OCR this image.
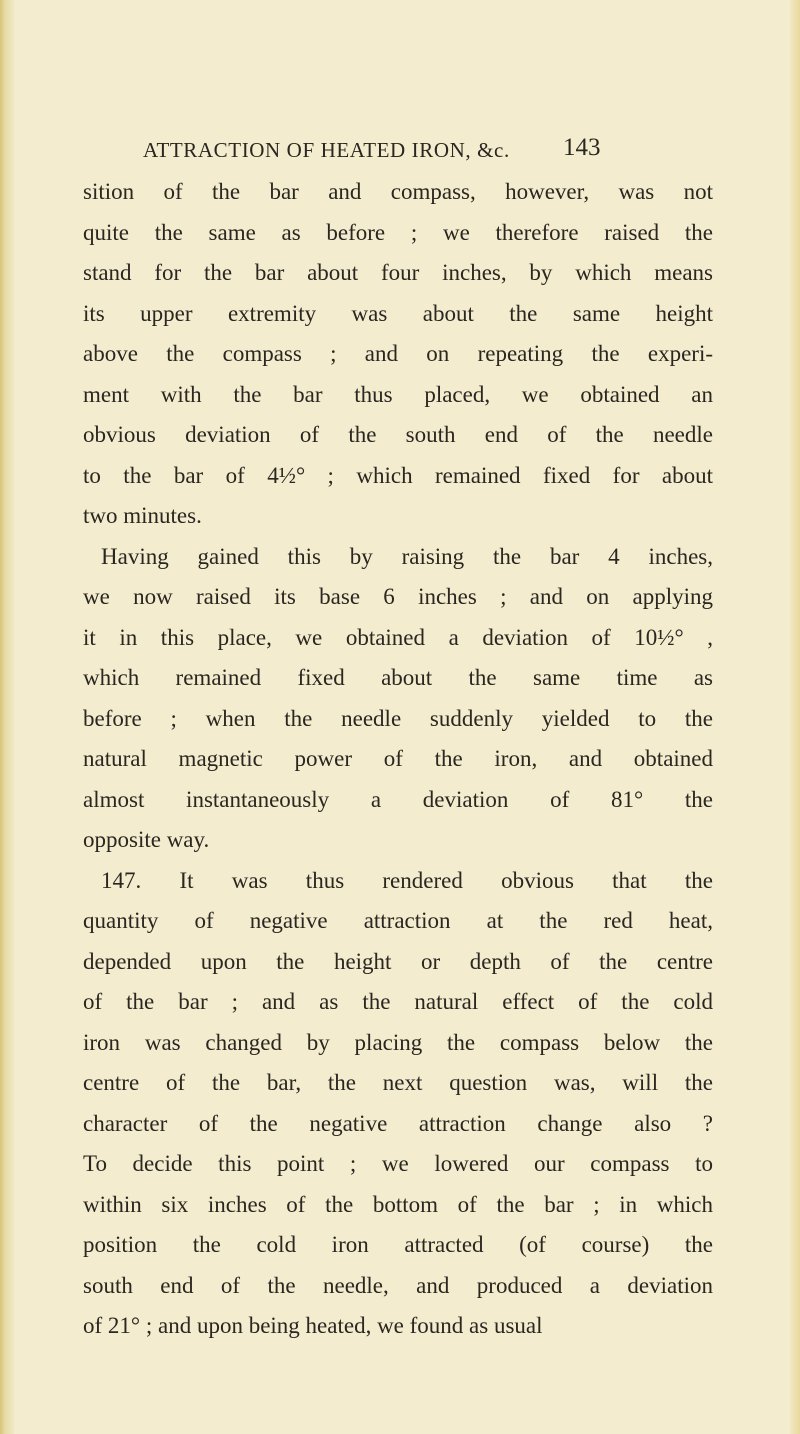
ATTRACTION OF HEATED IRON, &c. 143
sition of the bar and compass, however, was not
quite the same as before ; we therefore raised the
stand for the bar about four inches, by which means
its upper extremity was about the same height
above the compass ; and on repeating the experi-
ment with the bar thus placed, we obtained an
obvious deviation of the south end of the needle
to the bar of 4½° ; which remained fixed for about
two minutes.
Having gained this by raising the bar 4 inches,
we now raised its base 6 inches ; and on applying
it in this place, we obtained a deviation of 10½° ,
which remained fixed about the same time as
before ; when the needle suddenly yielded to the
natural magnetic power of the iron, and obtained
almost instantaneously a deviation of 81° the
opposite way.
147. It was thus rendered obvious that the
quantity of negative attraction at the red heat,
depended upon the height or depth of the centre
of the bar ; and as the natural effect of the cold
iron was changed by placing the compass below the
centre of the bar, the next question was, will the
character of the negative attraction change also ?
To decide this point ; we lowered our compass to
within six inches of the bottom of the bar ; in which
position the cold iron attracted (of course) the
south end of the needle, and produced a deviation
of 21° ; and upon being heated, we found as usual
